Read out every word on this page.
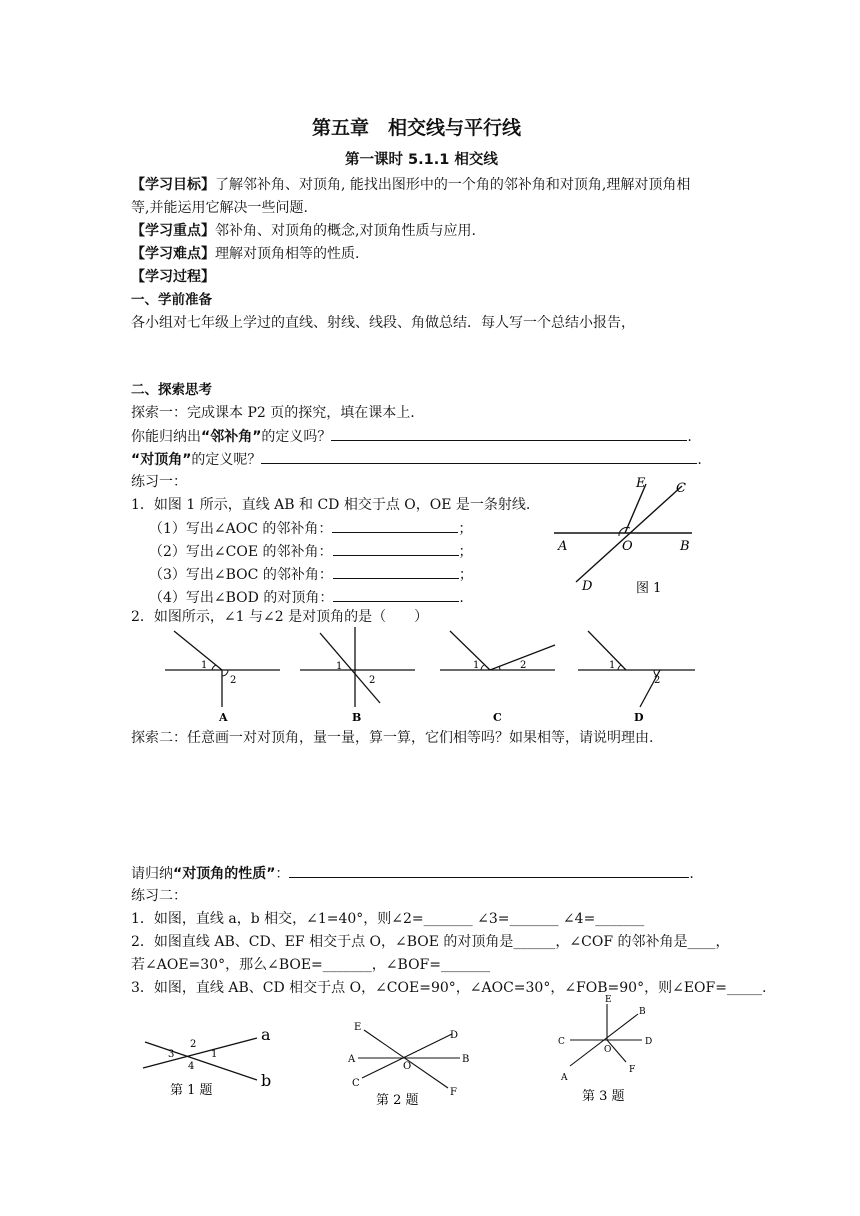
第五章　相交线与平行线
第一课时 5.1.1 相交线
【学习目标】了解邻补角、对顶角, 能找出图形中的一个角的邻补角和对顶角,理解对顶角相
等,并能运用它解决一些问题.
【学习重点】邻补角、对顶角的概念,对顶角性质与应用.
【学习难点】理解对顶角相等的性质.
【学习过程】
一、学前准备
各小组对七年级上学过的直线、射线、线段、角做总结．每人写一个总结小报告，
二、探索思考
探索一：完成课本 P2 页的探究，填在课本上.
你能归纳出“邻补角”的定义吗？	.
“对顶角”的定义呢？	.
练习一：
1．如图 1 所示，直线 AB 和 CD 相交于点 O，OE 是一条射线.
（1）写出∠AOC 的邻补角：	；
（2）写出∠COE 的邻补角：	；
（3）写出∠BOC 的邻补角：	；
（4）写出∠BOD 的对顶角：	.
2．如图所示，∠1 与∠2 是对顶角的是（　　）
E C
A	O	B
D	图 1
1
2
A
1
2
B
1	2
C
1
2
D
探索二：任意画一对对顶角，量一量，算一算，它们相等吗？如果相等，请说明理由.
请归纳“对顶角的性质”：	.
练习二：
1．如图，直线 a，b 相交，∠1=40°，则∠2=_______ ∠3=_______ ∠4=_______
2．如图直线 AB、CD、EF 相交于点 O，∠BOE 的对顶角是______，∠COF 的邻补角是____，
若∠AOE=30°，那么∠BOE=_______，∠BOF=_______
3．如图，直线 AB、CD 相交于点 O，∠COE=90°，∠AOC=30°，∠FOB=90°，则∠EOF=_____.
a
b
2
3	1
4
第 1 题
E
D
A
O
B
C
F
第 2 题
E
B
C
O
D
A
F
第 3 题
